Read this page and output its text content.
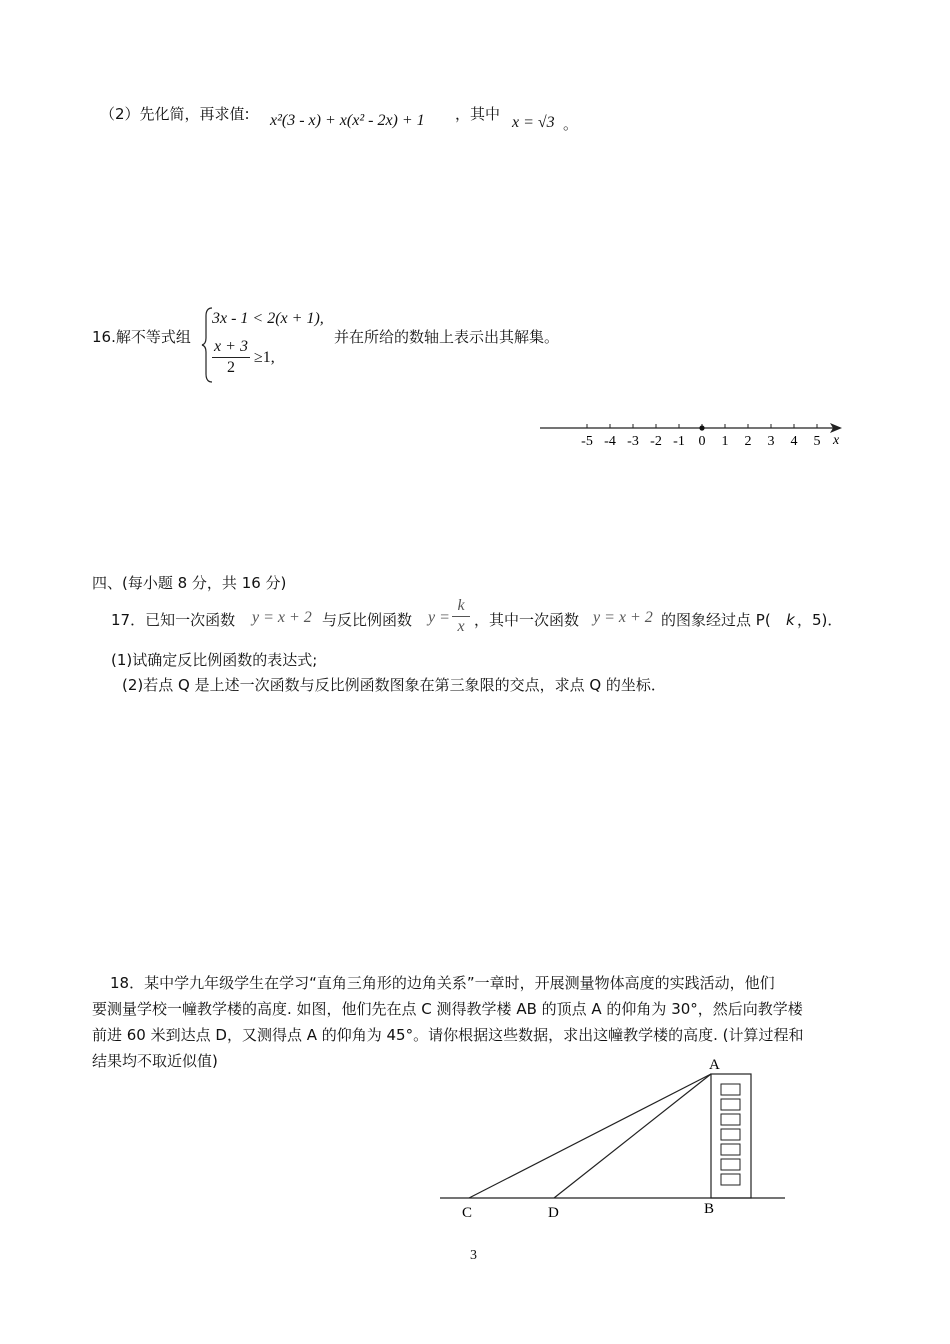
（2）先化简，再求值: x²(3 - x) + x(x² - 2x) + 1 ，其中 x = √3 。
16.解不等式组
3x - 1 < 2(x + 1),
x + 3
2
≥1,
并在所给的数轴上表示出其解集。
-5 -4 -3 -2 -1 0 1 2 3 4 5 x
四、(每小题 8 分，共 16 分)
17．已知一次函数 y = x + 2 与反比例函数 y =
k
x ，其中一次函数 y = x + 2 的图象经过点 P( k ，5)．
(1)试确定反比例函数的表达式;
(2)若点 Q 是上述一次函数与反比例函数图象在第三象限的交点，求点 Q 的坐标．
18．某中学九年级学生在学习“直角三角形的边角关系”一章时，开展测量物体高度的实践活动，他们
要测量学校一幢教学楼的高度. 如图，他们先在点 C 测得教学楼 AB 的顶点 A 的仰角为 30°，然后向教学楼
前进 60 米到达点 D，又测得点 A 的仰角为 45°。请你根据这些数据，求出这幢教学楼的高度. (计算过程和
结果均不取近似值)	A
B
C	D
3
